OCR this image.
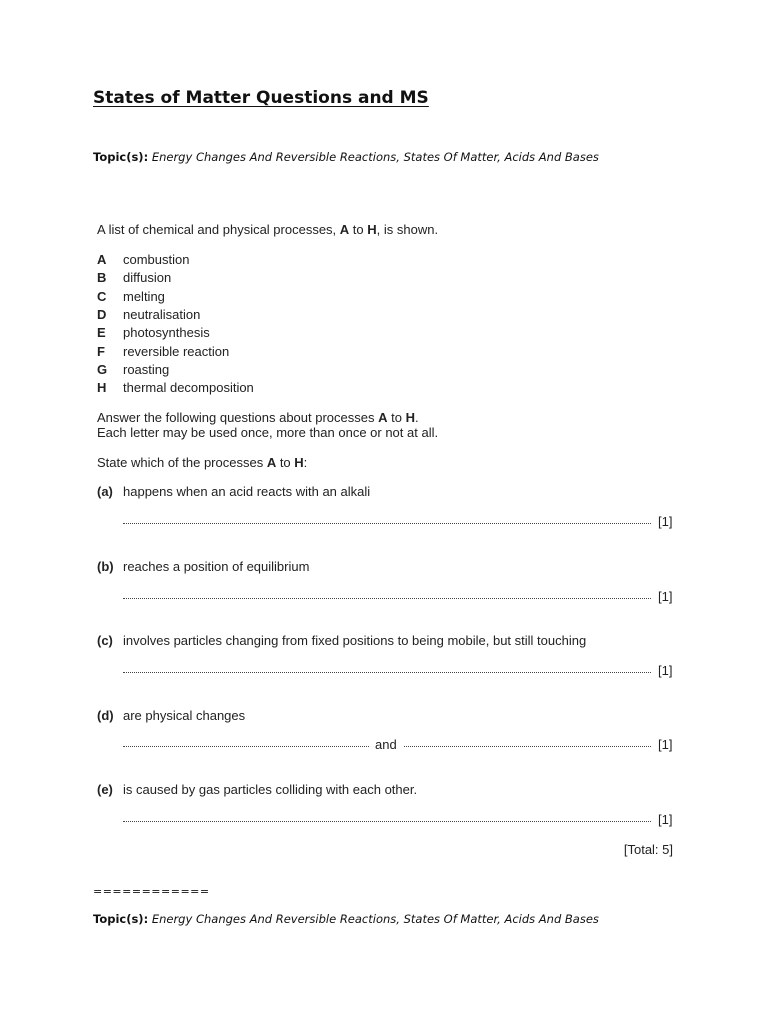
States of Matter Questions and MS
Topic(s): Energy Changes And Reversible Reactions, States Of Matter, Acids And Bases
A list of chemical and physical processes, A to H, is shown.
A combustion
B diffusion
C melting
D neutralisation
E photosynthesis
F reversible reaction
G roasting
H thermal decomposition
Answer the following questions about processes A to H.
Each letter may be used once, more than once or not at all.
State which of the processes A to H:
(a) happens when an acid reacts with an alkali
[1]
(b) reaches a position of equilibrium
[1]
(c) involves particles changing from fixed positions to being mobile, but still touching
[1]
(d) are physical changes
and	[1]
(e) is caused by gas particles colliding with each other.
[1]
[Total: 5]
============
Topic(s): Energy Changes And Reversible Reactions, States Of Matter, Acids And Bases
